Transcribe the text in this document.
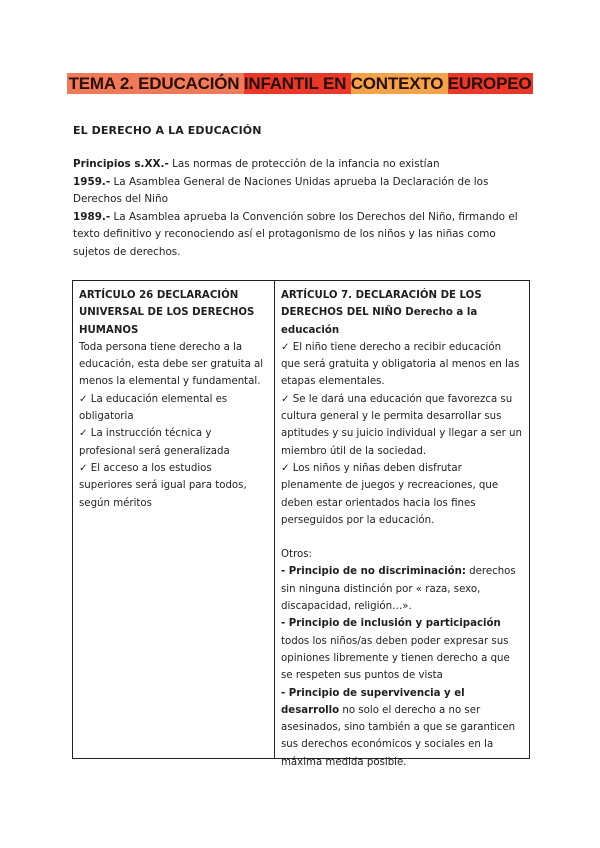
TEMA 2. EDUCACIÓN INFANTIL EN CONTEXTO EUROPEO
EL DERECHO A LA EDUCACIÓN

Principios s.XX.- Las normas de protección de la infancia no existían

1959.- La Asamblea General de Naciones Unidas aprueba la Declaración de los Derechos del Niño

1989.- La Asamblea aprueba la Convención sobre los Derechos del Niño, firmando el texto definitivo y reconociendo así el protagonismo de los niños y las niñas como sujetos de derechos.

ARTÍCULO 26 DECLARACIÓN UNIVERSAL DE LOS DERECHOS HUMANOS

Toda persona tiene derecho a la educación, esta debe ser gratuita al menos la elemental y fundamental.

✓ La educación elemental es obligatoria

✓ La instrucción técnica y profesional será generalizada

✓ El acceso a los estudios superiores será igual para todos, según méritos

ARTÍCULO 7. DECLARACIÓN DE LOS DERECHOS DEL NIÑO Derecho a la educación

✓ El niño tiene derecho a recibir educación que será gratuita y obligatoria al menos en las etapas elementales.

✓ Se le dará una educación que favorezca su cultura general y le permita desarrollar sus aptitudes y su juicio individual y llegar a ser un miembro útil de la sociedad.

✓ Los niños y niñas deben disfrutar plenamente de juegos y recreaciones, que deben estar orientados hacia los fines perseguidos por la educación.

Otros:

- Principio de no discriminación: derechos sin ninguna distinción por « raza, sexo, discapacidad, religión…».

- Principio de inclusión y participación todos los niños/as deben poder expresar sus opiniones libremente y tienen derecho a que se respeten sus puntos de vista

- Principio de supervivencia y el desarrollo no solo el derecho a no ser asesinados, sino también a que se garanticen sus derechos económicos y sociales en la máxima medida posible.
